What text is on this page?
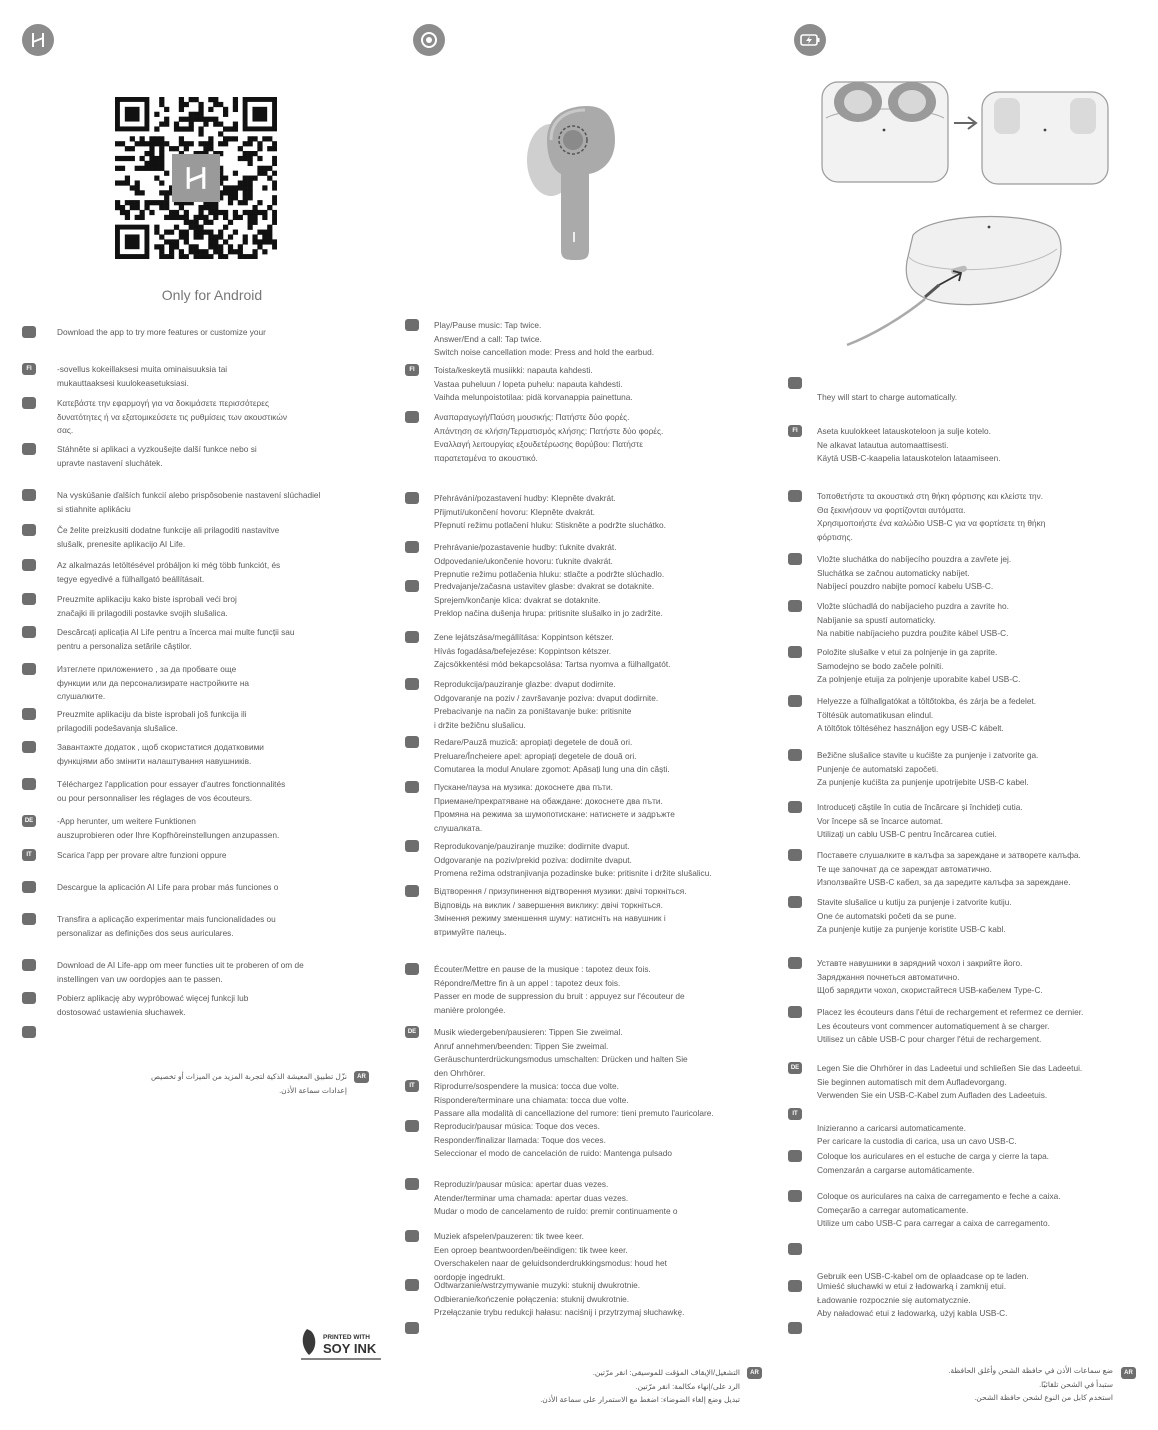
Only for Android
Download the app to try more features or customize your
FI	-sovellus kokeillaksesi muita ominaisuuksia tai
mukauttaaksesi kuulokeasetuksiasi.
Κατεβάστε την εφαρμογή για να δοκιμάσετε περισσότερες
δυνατότητες ή να εξατομικεύσετε τις ρυθμίσεις των ακουστικών
σας.
Stáhněte si aplikaci a vyzkoušejte další funkce nebo si
upravte nastavení sluchátek.
Na vyskúšanie ďalších funkcií alebo prispôsobenie nastavení slúchadiel
si stiahnite aplikáciu
Če želite preizkusiti dodatne funkcije ali prilagoditi nastavitve
slušalk, prenesite aplikacijo AI Life.
Az alkalmazás letöltésével próbáljon ki még több funkciót, és
tegye egyedivé a fülhallgató beállításait.
Preuzmite aplikaciju kako biste isprobali veći broj
značajki ili prilagodili postavke svojih slušalica.
Descărcați aplicația AI Life pentru a încerca mai multe funcții sau
pentru a personaliza setările căștilor.
Изтеглете приложението , за да пробвате още
функции или да персонализирате настройките на
слушалките.
Preuzmite aplikaciju da biste isprobali još funkcija ili
prilagodili podešavanja slušalice.
Завантажте додаток , щоб скористатися додатковими
функціями або змінити налаштування навушників.
Téléchargez l'application pour essayer d'autres fonctionnalités
ou pour personnaliser les réglages de vos écouteurs.
DE	-App herunter, um weitere Funktionen
auszuprobieren oder Ihre Kopfhöreinstellungen anzupassen.
IT	Scarica l'app per provare altre funzioni oppure
Descargue la aplicación AI Life para probar más funciones o
Transfira a aplicação experimentar mais funcionalidades ou
personalizar as definições dos seus auriculares.
Download de AI Life-app om meer functies uit te proberen of om de
instellingen van uw oordopjes aan te passen.
Pobierz aplikację aby wypróbować więcej funkcji lub
dostosować ustawienia słuchawek.
AR
نزّل تطبيق المعيشة الذكية لتجربة المزيد من الميزات أو تخصيص
إعدادات سماعة الأذن.
PRINTED WITH
SOY INK
Play/Pause music: Tap twice.
Answer/End a call: Tap twice.
Switch noise cancellation mode: Press and hold the earbud.
FI	Toista/keskeytä musiikki: napauta kahdesti.
Vastaa puheluun / lopeta puhelu: napauta kahdesti.
Vaihda melunpoistotilaa: pidä korvanappia painettuna.
Αναπαραγωγή/Παύση μουσικής: Πατήστε δύο φορές.
Απάντηση σε κλήση/Τερματισμός κλήσης: Πατήστε δύο φορές.
Εναλλαγή λειτουργίας εξουδετέρωσης θορύβου: Πατήστε
παρατεταμένα το ακουστικό.
Přehrávání/pozastavení hudby: Klepněte dvakrát.
Přijmutí/ukončení hovoru: Klepněte dvakrát.
Přepnutí režimu potlačení hluku: Stiskněte a podržte sluchátko.
Prehrávanie/pozastavenie hudby: ťuknite dvakrát.
Odpovedanie/ukončenie hovoru: ťuknite dvakrát.
Prepnutie režimu potlačenia hluku: stlačte a podržte slúchadlo.
Predvajanje/začasna ustavitev glasbe: dvakrat se dotaknite.
Sprejem/končanje klica: dvakrat se dotaknite.
Preklop načina dušenja hrupa: pritisnite slušalko in jo zadržite.
Zene lejátszása/megállítása: Koppintson kétszer.
Hívás fogadása/befejezése: Koppintson kétszer.
Zajcsökkentési mód bekapcsolása: Tartsa nyomva a fülhallgatót.
Reprodukcija/pauziranje glazbe: dvaput dodirnite.
Odgovaranje na poziv / završavanje poziva: dvaput dodirnite.
Prebacivanje na način za poništavanje buke: pritisnite
i držite bežičnu slušalicu.
Redare/Pauză muzică: apropiați degetele de două ori.
Preluare/Încheiere apel: apropiați degetele de două ori.
Comutarea la modul Anulare zgomot: Apăsați lung una din căști.
Пускане/пауза на музика: докоснете два пъти.
Приемане/прекратяване на обаждане: докоснете два пъти.
Промяна на режима за шумопотискане: натиснете и задръжте
слушалката.
Reprodukovanje/pauziranje muzike: dodirnite dvaput.
Odgovaranje na poziv/prekid poziva: dodirnite dvaput.
Promena režima odstranjivanja pozadinske buke: pritisnite i držite slušalicu.
Відтворення / призупинення відтворення музики: двічі торкніться.
Відповідь на виклик / завершення виклику: двічі торкніться.
Змінення режиму зменшення шуму: натисніть на навушник і
втримуйте палець.
Écouter/Mettre en pause de la musique : tapotez deux fois.
Répondre/Mettre fin à un appel : tapotez deux fois.
Passer en mode de suppression du bruit : appuyez sur l'écouteur de
manière prolongée.
DE	Musik wiedergeben/pausieren: Tippen Sie zweimal.
Anruf annehmen/beenden: Tippen Sie zweimal.
Geräuschunterdrückungsmodus umschalten: Drücken und halten Sie
den Ohrhörer.
IT	Riprodurre/sospendere la musica: tocca due volte.
Rispondere/terminare una chiamata: tocca due volte.
Passare alla modalità di cancellazione del rumore: tieni premuto l'auricolare.
Reproducir/pausar música: Toque dos veces.
Responder/finalizar llamada: Toque dos veces.
Seleccionar el modo de cancelación de ruido: Mantenga pulsado
Reproduzir/pausar música: apertar duas vezes.
Atender/terminar uma chamada: apertar duas vezes.
Mudar o modo de cancelamento de ruído: premir continuamente o
Muziek afspelen/pauzeren: tik twee keer.
Een oproep beantwoorden/beëindigen: tik twee keer.
Overschakelen naar de geluidsonderdrukkingsmodus: houd het
oordopje ingedrukt.
Odtwarzanie/wstrzymywanie muzyki: stuknij dwukrotnie.
Odbieranie/kończenie połączenia: stuknij dwukrotnie.
Przełączanie trybu redukcji hałasu: naciśnij i przytrzymaj słuchawkę.
AR
التشغيل/الإيقاف المؤقت للموسيقى: انقر مرّتين.
الرد على/إنهاء مكالمة: انقر مرّتين.
تبديل وضع إلغاء الضوضاء: اضغط مع الاستمرار على سماعة الأذن.

They will start to charge automatically.
FI	Aseta kuulokkeet latauskoteloon ja sulje kotelo.
Ne alkavat latautua automaattisesti.
Käytä USB-C-kaapelia latauskotelon lataamiseen.
Τοποθετήστε τα ακουστικά στη θήκη φόρτισης και κλείστε την.
Θα ξεκινήσουν να φορτίζονται αυτόματα.
Χρησιμοποιήστε ένα καλώδιο USB-C για να φορτίσετε τη θήκη
φόρτισης.
Vložte sluchátka do nabíjecího pouzdra a zavřete jej.
Sluchátka se začnou automaticky nabíjet.
Nabíjecí pouzdro nabijte pomocí kabelu USB-C.
Vložte slúchadlá do nabíjacieho puzdra a zavrite ho.
Nabíjanie sa spustí automaticky.
Na nabitie nabíjacieho puzdra použite kábel USB-C.
Položite slušalke v etui za polnjenje in ga zaprite.
Samodejno se bodo začele polniti.
Za polnjenje etuija za polnjenje uporabite kabel USB-C.
Helyezze a fülhallgatókat a töltőtokba, és zárja be a fedelet.
Töltésük automatikusan elindul.
A töltőtok töltéséhez használjon egy USB-C kábelt.
Bežične slušalice stavite u kućište za punjenje i zatvorite ga.
Punjenje će automatski započeti.
Za punjenje kućišta za punjenje upotrijebite USB-C kabel.
Introduceți căștile în cutia de încărcare și închideți cutia.
Vor începe să se încarce automat.
Utilizați un cablu USB-C pentru încărcarea cutiei.
Поставете слушалките в калъфа за зареждане и затворете калъфа.
Те ще започнат да се зареждат автоматично.
Използвайте USB-C кабел, за да заредите калъфа за зареждане.
Stavite slušalice u kutiju za punjenje i zatvorite kutiju.
One će automatski početi da se pune.
Za punjenje kutije za punjenje koristite USB-C kabl.
Уставте навушники в зарядний чохол і закрийте його.
Заряджання почнеться автоматично.
Щоб зарядити чохол, скористайтеся USB-кабелем Type-C.
Placez les écouteurs dans l'étui de rechargement et refermez ce dernier.
Les écouteurs vont commencer automatiquement à se charger.
Utilisez un câble USB-C pour charger l'étui de rechargement.
DE	Legen Sie die Ohrhörer in das Ladeetui und schließen Sie das Ladeetui.
Sie beginnen automatisch mit dem Aufladevorgang.
Verwenden Sie ein USB-C-Kabel zum Aufladen des Ladeetuis.
IT

Inizieranno a caricarsi automaticamente.
Per caricare la custodia di carica, usa un cavo USB-C.
Coloque los auriculares en el estuche de carga y cierre la tapa.
Comenzarán a cargarse automáticamente.
Coloque os auriculares na caixa de carregamento e feche a caixa.
Começarão a carregar automaticamente.
Utilize um cabo USB-C para carregar a caixa de carregamento.

Gebruik een USB-C-kabel om de oplaadcase op te laden.
Umieść słuchawki w etui z ładowarką i zamknij etui.
Ładowanie rozpocznie się automatycznie.
Aby naładować etui z ładowarką, użyj kabla USB-C.
AR
ضع سماعات الأذن في حافظة الشحن وأغلق الحافظة.
ستبدأ في الشحن تلقائيًا.
استخدم كابل من النوع لشحن حافظة الشحن.
